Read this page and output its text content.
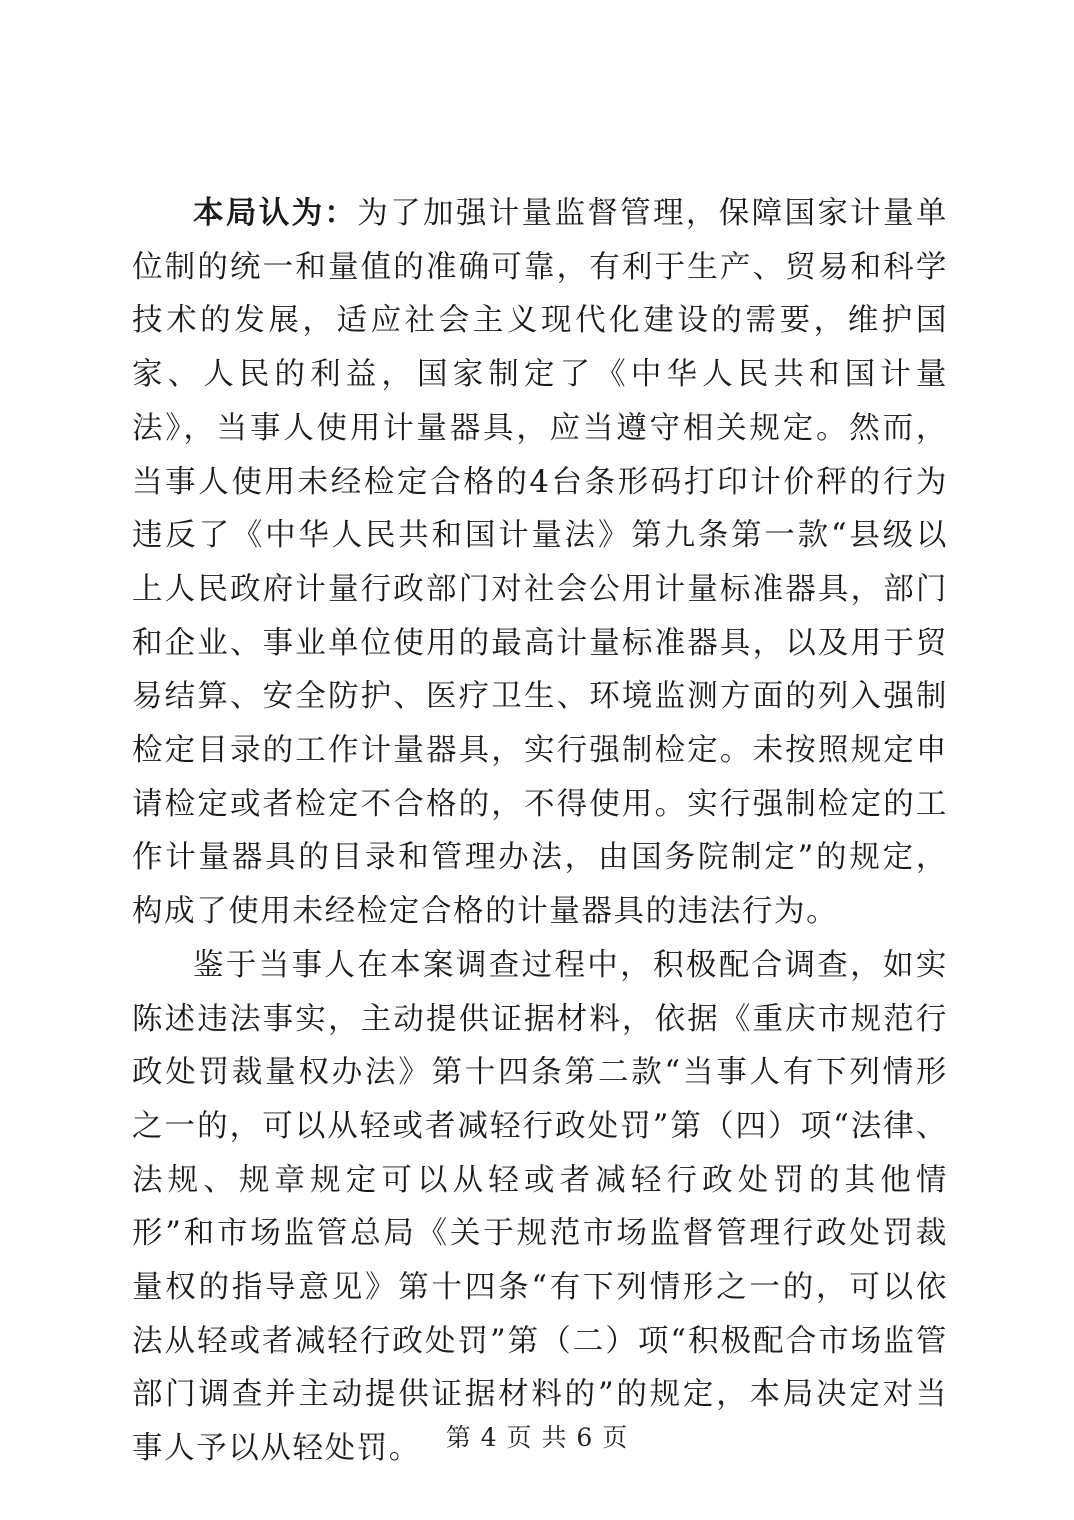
本局认为：为了加强计量监督管理，保障国家计量单位制的统一和量值的准确可靠，有利于生产、贸易和科学技术的发展，适应社会主义现代化建设的需要，维护国家、人民的利益，国家制定了《中华人民共和国计量法》，当事人使用计量器具，应当遵守相关规定。然而，当事人使用未经检定合格的4台条形码打印计价秤的行为违反了《中华人民共和国计量法》第九条第一款“县级以上人民政府计量行政部门对社会公用计量标准器具，部门和企业、事业单位使用的最高计量标准器具，以及用于贸易结算、安全防护、医疗卫生、环境监测方面的列入强制检定目录的工作计量器具，实行强制检定。未按照规定申请检定或者检定不合格的，不得使用。实行强制检定的工作计量器具的目录和管理办法，由国务院制定”的规定，构成了使用未经检定合格的计量器具的违法行为。

鉴于当事人在本案调查过程中，积极配合调查，如实陈述违法事实，主动提供证据材料，依据《重庆市规范行政处罚裁量权办法》第十四条第二款“当事人有下列情形之一的，可以从轻或者减轻行政处罚”第（四）项“法律、法规、规章规定可以从轻或者减轻行政处罚的其他情形”和市场监管总局《关于规范市场监督管理行政处罚裁量权的指导意见》第十四条“有下列情形之一的，可以依法从轻或者减轻行政处罚”第（二）项“积极配合市场监管部门调查并主动提供证据材料的”的规定，本局决定对当事人予以从轻处罚。 第 4 页 共 6 页
